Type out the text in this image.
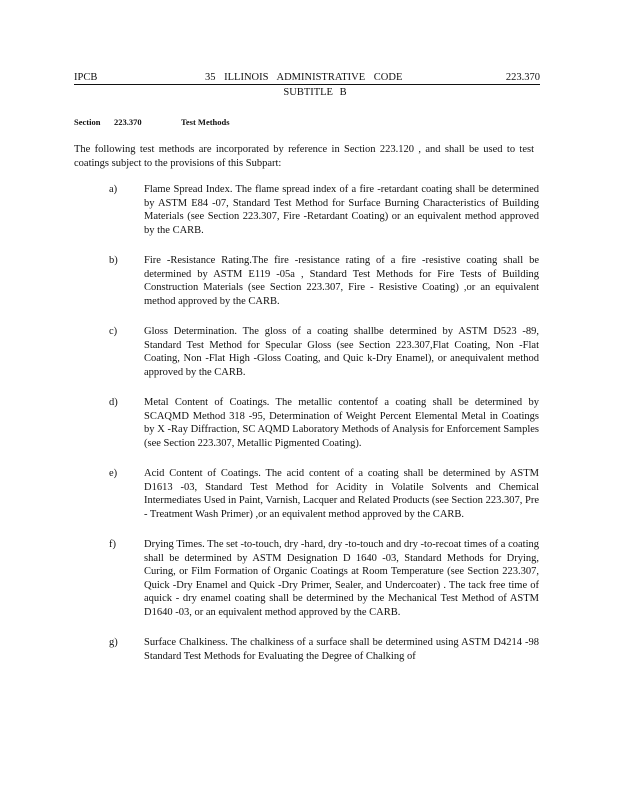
IPCB	35 ILLINOIS ADMINISTRATIVE CODE	223.370
SUBTITLE B
Section 223.370	Test Methods
The following test methods are incorporated by reference in Section 223.120 , and shall be used to test coatings subject to the provisions of this Subpart:
a)	Flame Spread Index. The flame spread index of a fire -retardant coating shall be determined by ASTM E84 -07, Standard Test Method for Surface Burning Characteristics of Building Materials (see Section 223.307, Fire -Retardant Coating) or an equivalent method approved by the CARB.
b)	Fire -Resistance Rating.The fire -resistance rating of a fire -resistive coating shall be determined by ASTM E119 -05a , Standard Test Methods for Fire Tests of Building Construction Materials (see Section 223.307, Fire - Resistive Coating) ,or an equivalent method approved by the CARB.
c)	Gloss Determination. The gloss of a coating shallbe determined by ASTM D523 -89, Standard Test Method for Specular Gloss (see Section 223.307,Flat Coating, Non -Flat Coating, Non -Flat High -Gloss Coating, and Quic k-Dry Enamel), or anequivalent method approved by the CARB.
d)	Metal Content of Coatings. The metallic contentof a coating shall be determined by SCAQMD Method 318 -95, Determination of Weight Percent Elemental Metal in Coatings by X -Ray Diffraction, SC AQMD Laboratory Methods of Analysis for Enforcement Samples (see Section 223.307, Metallic Pigmented Coating).
e)	Acid Content of Coatings. The acid content of a coating shall be determined by ASTM D1613 -03, Standard Test Method for Acidity in Volatile Solvents and Chemical Intermediates Used in Paint, Varnish, Lacquer and Related Products (see Section 223.307, Pre - Treatment Wash Primer) ,or an equivalent method approved by the CARB.
f)	Drying Times. The set -to-touch, dry -hard, dry -to-touch and dry -to-recoat times of a coating shall be determined by ASTM Designation D 1640 -03, Standard Methods for Drying, Curing, or Film Formation of Organic Coatings at Room Temperature (see Section 223.307, Quick -Dry Enamel and Quick -Dry Primer, Sealer, and Undercoater) . The tack free time of aquick - dry enamel coating shall be determined by the Mechanical Test Method of ASTM D1640 -03, or an equivalent method approved by the CARB.
g)	Surface Chalkiness. The chalkiness of a surface shall be determined using ASTM D4214 -98 Standard Test Methods for Evaluating the Degree of Chalking of
